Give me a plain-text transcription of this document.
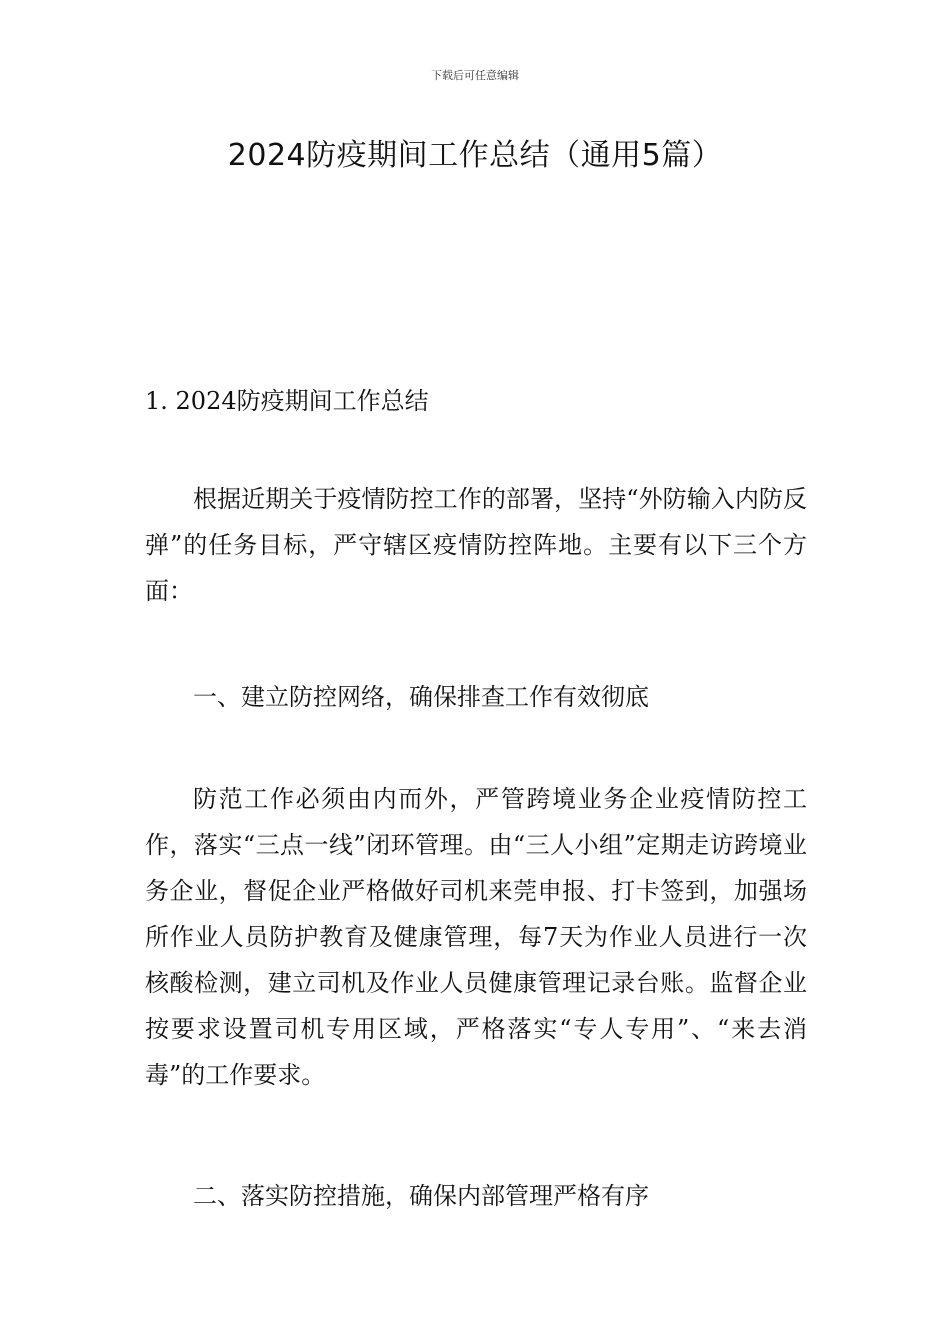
下载后可任意编辑
2024防疫期间工作总结（通用5篇）
1. 2024防疫期间工作总结

根据近期关于疫情防控工作的部署，坚持“外防输入内防反弹”的任务目标，严守辖区疫情防控阵地。主要有以下三个方面：

一、建立防控网络，确保排查工作有效彻底

防范工作必须由内而外，严管跨境业务企业疫情防控工作，落实“三点一线”闭环管理。由“三人小组”定期走访跨境业务企业，督促企业严格做好司机来莞申报、打卡签到，加强场所作业人员防护教育及健康管理，每7天为作业人员进行一次核酸检测，建立司机及作业人员健康管理记录台账。监督企业按要求设置司机专用区域，严格落实“专人专用”、“来去消毒”的工作要求。

二、落实防控措施，确保内部管理严格有序
